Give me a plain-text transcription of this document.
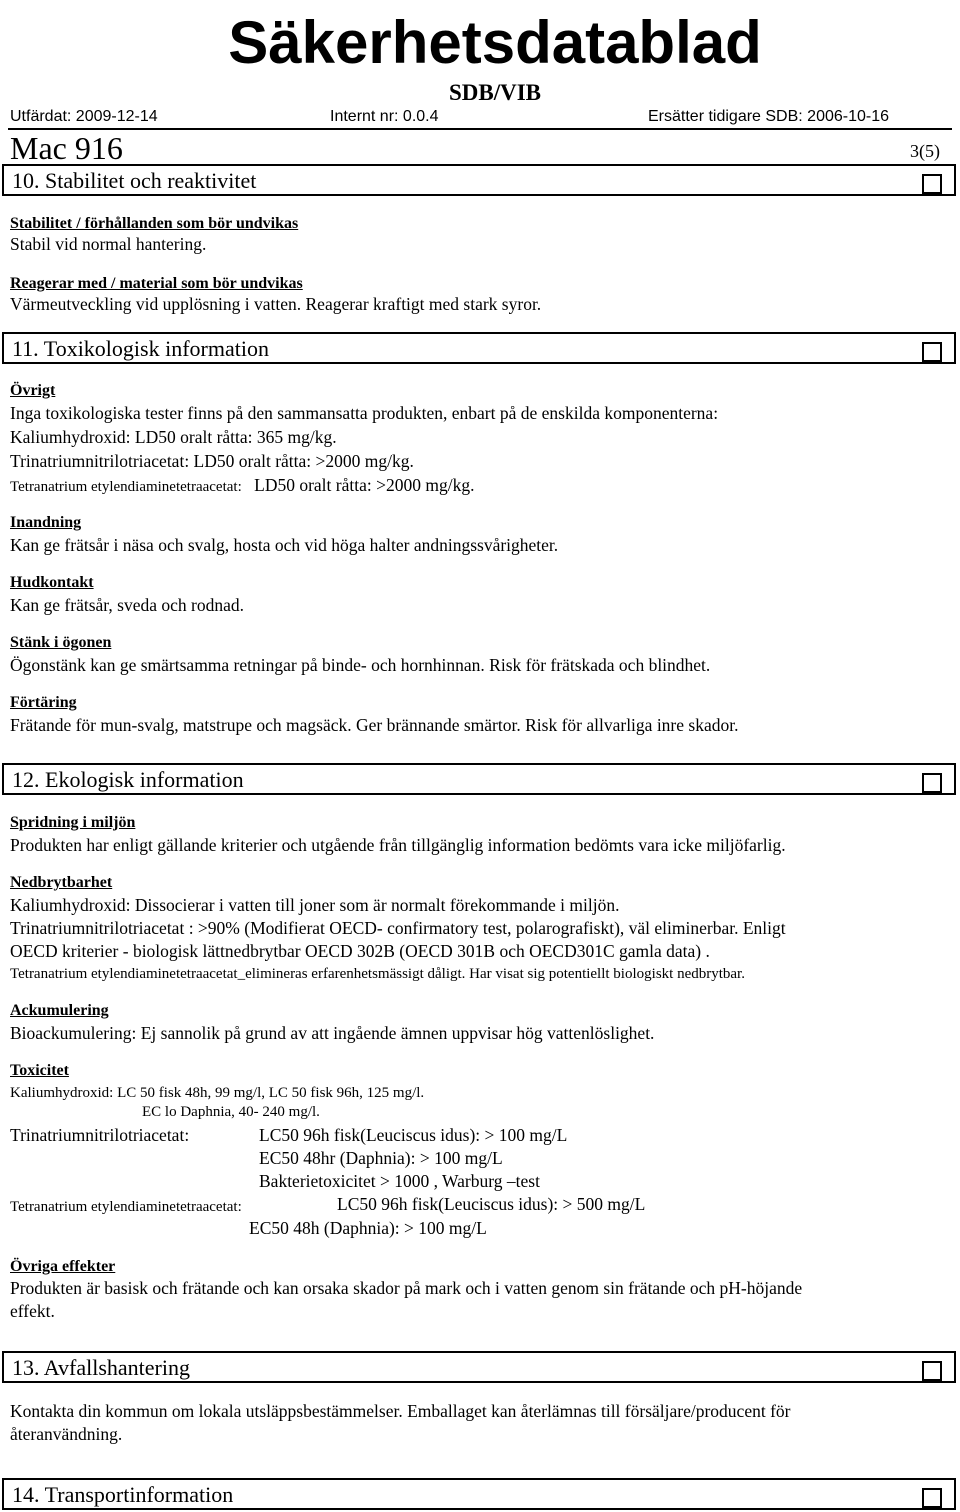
Säkerhetsdatablad
SDB/VIB
Utfärdat: 2009-12-14	Internt nr: 0.0.4	Ersätter tidigare SDB: 2006-10-16
Mac 916	3(5)
10. Stabilitet och reaktivitet
Stabilitet / förhållanden som bör undvikas
Stabil vid normal hantering.
Reagerar med / material som bör undvikas
Värmeutveckling vid upplösning i vatten. Reagerar kraftigt med stark syror.
11. Toxikologisk information
Övrigt
Inga toxikologiska tester finns på den sammansatta produkten, enbart på de enskilda komponenterna:
Kaliumhydroxid: LD50 oralt råtta: 365 mg/kg.
Trinatriumnitrilotriacetat: LD50 oralt råtta: >2000 mg/kg.
Tetranatrium etylendiaminetetraacetat: LD50 oralt råtta: >2000 mg/kg.
Inandning
Kan ge frätsår i näsa och svalg, hosta och vid höga halter andningssvårigheter.
Hudkontakt
Kan ge frätsår, sveda och rodnad.
Stänk i ögonen
Ögonstänk kan ge smärtsamma retningar på binde- och hornhinnan. Risk för frätskada och blindhet.
Förtäring
Frätande för mun-svalg, matstrupe och magsäck. Ger brännande smärtor. Risk för allvarliga inre skador.
12. Ekologisk information
Spridning i miljön
Produkten har enligt gällande kriterier och utgående från tillgänglig information bedömts vara icke miljöfarlig.
Nedbrytbarhet
Kaliumhydroxid: Dissocierar i vatten till joner som är normalt förekommande i miljön.
Trinatriumnitrilotriacetat : >90% (Modifierat OECD- confirmatory test, polarografiskt), väl eliminerbar. Enligt
OECD kriterier - biologisk lättnedbrytbar OECD 302B (OECD 301B och OECD301C gamla data) .
Tetranatrium etylendiaminetetraacetat_elimineras erfarenhetsmässigt dåligt. Har visat sig potentiellt biologiskt nedbrytbar.
Ackumulering
Bioackumulering: Ej sannolik på grund av att ingående ämnen uppvisar hög vattenlöslighet.
Toxicitet
Kaliumhydroxid: LC 50 fisk 48h, 99 mg/l, LC 50 fisk 96h, 125 mg/l.
EC lo Daphnia, 40- 240 mg/l.
Trinatriumnitrilotriacetat:	LC50 96h fisk(Leuciscus idus): > 100 mg/L
EC50 48hr (Daphnia): > 100 mg/L
Bakterietoxicitet > 1000 , Warburg –test
Tetranatrium etylendiaminetetraacetat:	LC50 96h fisk(Leuciscus idus): > 500 mg/L
EC50 48h (Daphnia): > 100 mg/L
Övriga effekter
Produkten är basisk och frätande och kan orsaka skador på mark och i vatten genom sin frätande och pH-höjande
effekt.
13. Avfallshantering
Kontakta din kommun om lokala utsläppsbestämmelser. Emballaget kan återlämnas till försäljare/producent för
återanvändning.
14. Transportinformation
